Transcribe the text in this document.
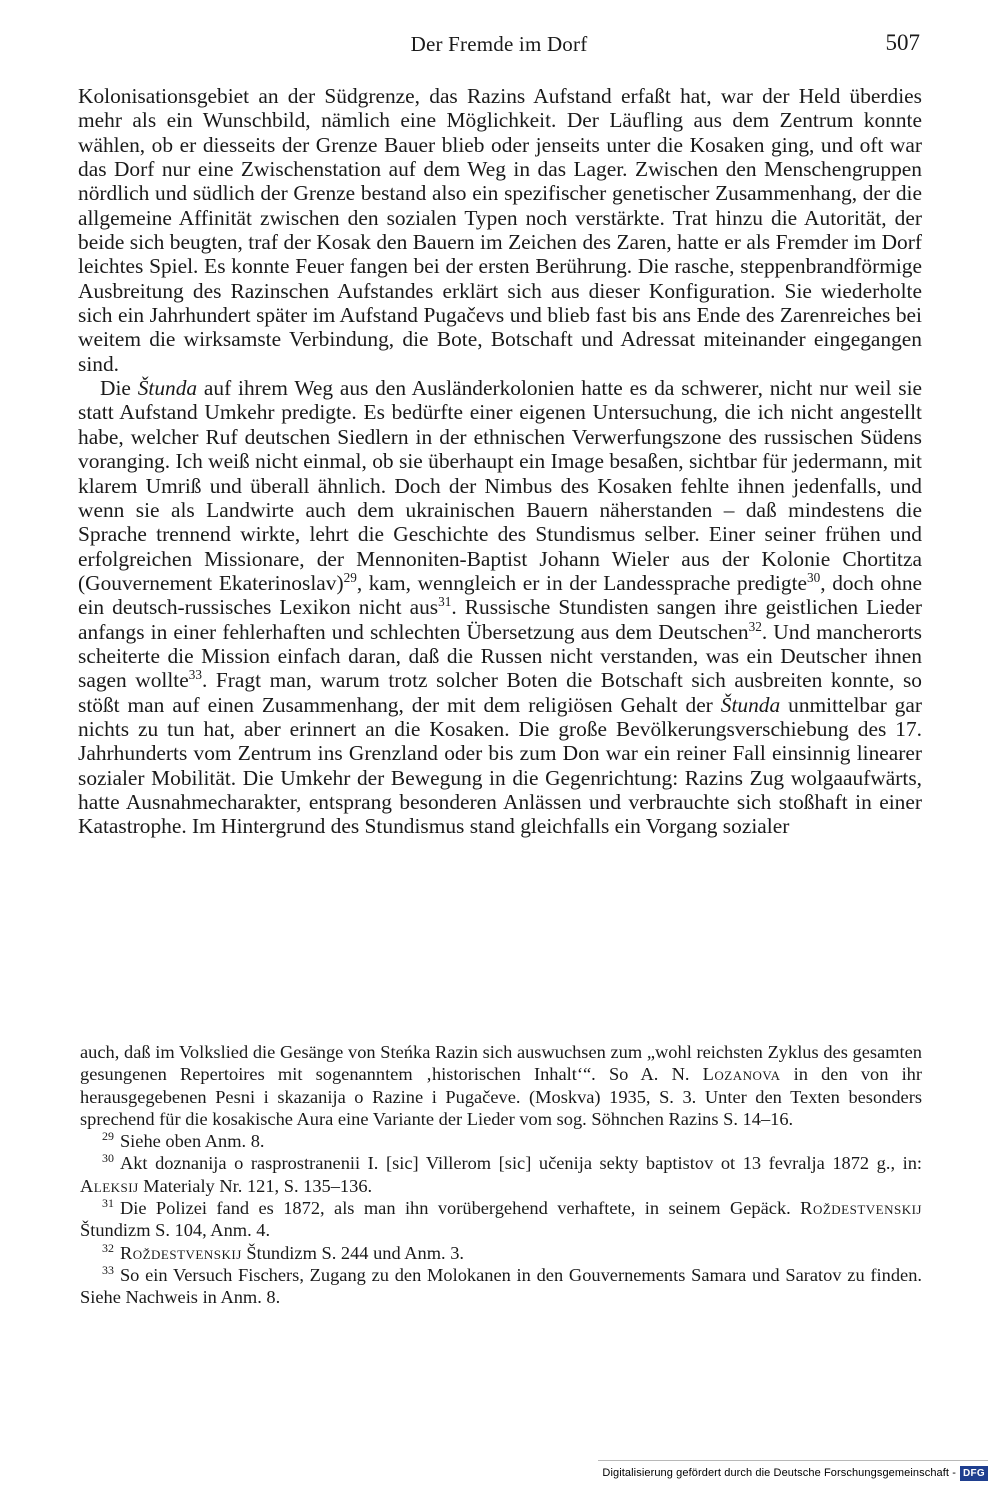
Der Fremde im Dorf	507

Kolonisationsgebiet an der Südgrenze, das Razins Aufstand erfaßt hat, war der Held überdies mehr als ein Wunschbild, nämlich eine Möglichkeit. Der Läufling aus dem Zentrum konnte wählen, ob er diesseits der Grenze Bauer blieb oder jenseits unter die Kosaken ging, und oft war das Dorf nur eine Zwischenstation auf dem Weg in das Lager. Zwischen den Menschengruppen nördlich und südlich der Grenze bestand also ein spezifischer genetischer Zusammenhang, der die allgemeine Affinität zwischen den sozialen Typen noch verstärkte. Trat hinzu die Autorität, der beide sich beugten, traf der Kosak den Bauern im Zeichen des Zaren, hatte er als Fremder im Dorf leichtes Spiel. Es konnte Feuer fangen bei der ersten Berührung. Die rasche, steppenbrandförmige Ausbreitung des Razinschen Aufstandes erklärt sich aus dieser Konfiguration. Sie wiederholte sich ein Jahrhundert später im Aufstand Pugačevs und blieb fast bis ans Ende des Zarenreiches bei weitem die wirksamste Verbindung, die Bote, Botschaft und Adressat miteinander eingegangen sind.

Die Štunda auf ihrem Weg aus den Ausländerkolonien hatte es da schwerer, nicht nur weil sie statt Aufstand Umkehr predigte. Es bedürfte einer eigenen Untersuchung, die ich nicht angestellt habe, welcher Ruf deutschen Siedlern in der ethnischen Verwerfungszone des russischen Südens voranging. Ich weiß nicht einmal, ob sie überhaupt ein Image besaßen, sichtbar für jedermann, mit klarem Umriß und überall ähnlich. Doch der Nimbus des Kosaken fehlte ihnen jedenfalls, und wenn sie als Landwirte auch dem ukrainischen Bauern näherstanden – daß mindestens die Sprache trennend wirkte, lehrt die Geschichte des Stundismus selber. Einer seiner frühen und erfolgreichen Missionare, der Mennoniten-Baptist Johann Wieler aus der Kolonie Chortitza (Gouvernement Ekaterinoslav)$^{29}$, kam, wenngleich er in der Landessprache predigte$^{30}$, doch ohne ein deutsch-russisches Lexikon nicht aus$^{31}$. Russische Stundisten sangen ihre geistlichen Lieder anfangs in einer fehlerhaften und schlechten Übersetzung aus dem Deutschen$^{32}$. Und mancherorts scheiterte die Mission einfach daran, daß die Russen nicht verstanden, was ein Deutscher ihnen sagen wollte$^{33}$. Fragt man, warum trotz solcher Boten die Botschaft sich ausbreiten konnte, so stößt man auf einen Zusammenhang, der mit dem religiösen Gehalt der Štunda unmittelbar gar nichts zu tun hat, aber erinnert an die Kosaken. Die große Bevölkerungsverschiebung des 17. Jahrhunderts vom Zentrum ins Grenzland oder bis zum Don war ein reiner Fall einsinnig linearer sozialer Mobilität. Die Umkehr der Bewegung in die Gegenrichtung: Razins Zug wolgaaufwärts, hatte Ausnahmecharakter, entsprang besonderen Anlässen und verbrauchte sich stoßhaft in einer Katastrophe. Im Hintergrund des Stundismus stand gleichfalls ein Vorgang sozialer

auch, daß im Volkslied die Gesänge von Steńka Razin sich auswuchsen zum „wohl reichsten Zyklus des gesamten gesungenen Repertoires mit sogenanntem ‚historischen Inhalt‘“. So A. N. Lozanova in den von ihr herausgegebenen Pesni i skazanija o Razine i Pugačeve. (Moskva) 1935, S. 3. Unter den Texten besonders sprechend für die kosakische Aura eine Variante der Lieder vom sog. Söhnchen Razins S. 14–16.

$^{29}$ Siehe oben Anm. 8.

$^{30}$ Akt doznanija o rasprostranenii I. [sic] Villerom [sic] učenija sekty baptistov ot 13 fevralja 1872 g., in: Aleksij Materialy Nr. 121, S. 135–136.

$^{31}$ Die Polizei fand es 1872, als man ihn vorübergehend verhaftete, in seinem Gepäck. Roždestvenskij Štundizm S. 104, Anm. 4.

$^{32}$ Roždestvenskij Štundizm S. 244 und Anm. 3.

$^{33}$ So ein Versuch Fischers, Zugang zu den Molokanen in den Gouvernements Samara und Saratov zu finden. Siehe Nachweis in Anm. 8.

Digitalisierung gefördert durch die Deutsche Forschungsgemeinschaft - DFG
